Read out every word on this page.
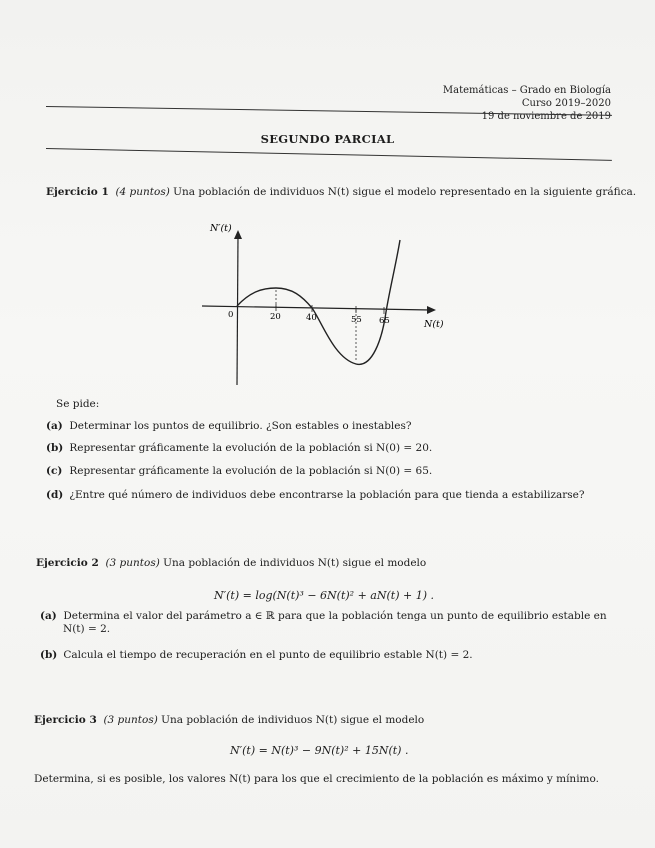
Matemáticas – Grado en Biología
Curso 2019–2020
19 de noviembre de 2019
SEGUNDO PARCIAL
Ejercicio 1 (4 puntos) Una población de individuos N(t) sigue el modelo representado en la siguiente gráfica.
N′(t)
N(t)
0	20	40	55 65
Se pide:
(a) Determinar los puntos de equilibrio. ¿Son estables o inestables?
(b) Representar gráficamente la evolución de la población si N(0) = 20.
(c) Representar gráficamente la evolución de la población si N(0) = 65.
(d) ¿Entre qué número de individuos debe encontrarse la población para que tienda a estabilizarse?
Ejercicio 2 (3 puntos) Una población de individuos N(t) sigue el modelo
N′(t) = log(N(t)³ − 6N(t)² + aN(t) + 1) .
(a) Determina el valor del parámetro a ∈ ℝ para que la población tenga un punto de equilibrio estable en
N(t) = 2.
(b) Calcula el tiempo de recuperación en el punto de equilibrio estable N(t) = 2.
Ejercicio 3 (3 puntos) Una población de individuos N(t) sigue el modelo
N′(t) = N(t)³ − 9N(t)² + 15N(t) .
Determina, si es posible, los valores N(t) para los que el crecimiento de la población es máximo y mínimo.
